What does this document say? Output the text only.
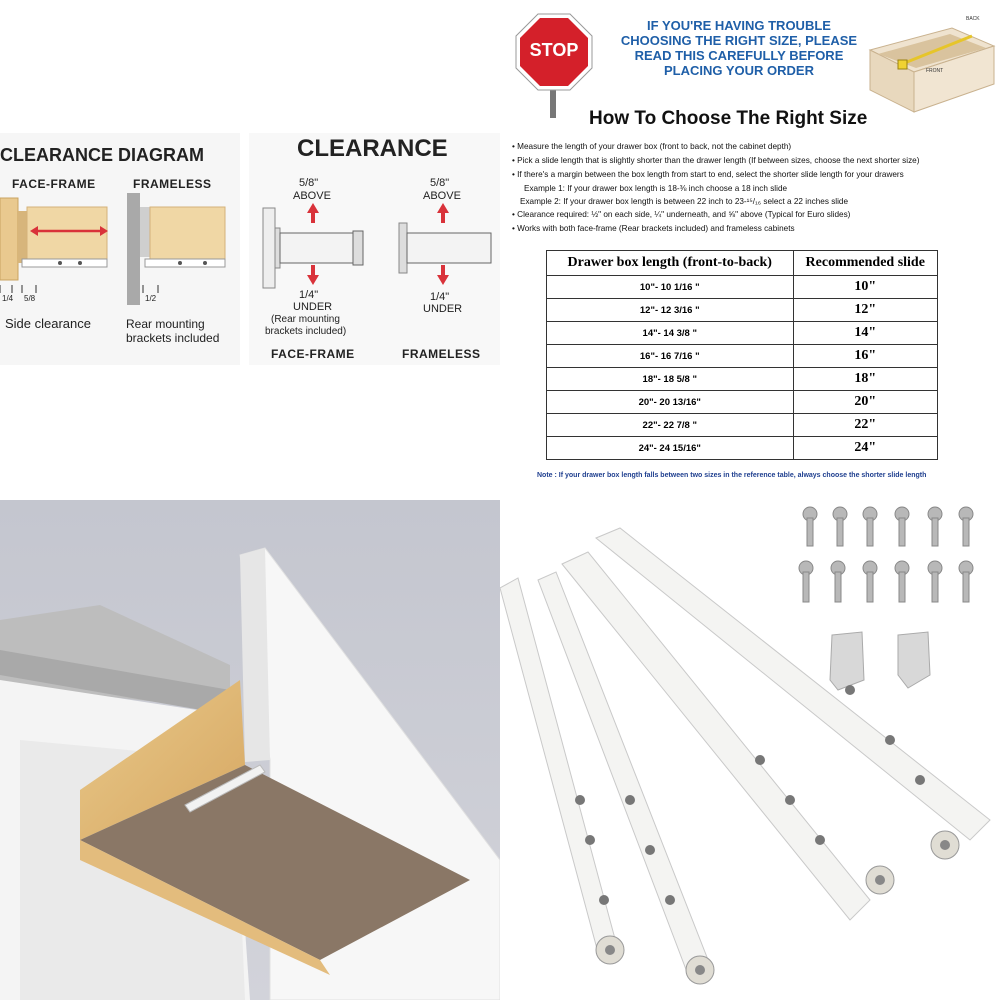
CLEARANCE DIAGRAM
FACE-FRAME	FRAMELESS
1/4 5/8	1/2
Side clearance	Rear mounting
brackets included
CLEARANCE
5/8"
ABOVE
1/4"
UNDER
(Rear mounting
brackets included)
FACE-FRAME
5/8"
ABOVE
1/4"
UNDER
FRAMELESS
STOP
IF YOU'RE HAVING TROUBLE
CHOOSING THE RIGHT SIZE, PLEASE
READ THIS CAREFULLY BEFORE
PLACING YOUR ORDER
BACK
FRONT
How To Choose The Right Size
• Measure the length of your drawer box (front to back, not the cabinet depth)
• Pick a slide length that is slightly shorter than the drawer length (If between sizes, choose the next shorter size)
• If there's a margin between the box length from start to end, select the shorter slide length for your drawers
Example 1: If your drawer box length is 18-⅜ inch choose a 18 inch slide
Example 2: If your drawer box length is between 22 inch to 23-¹⁵/₁₆ select a 22 inches slide
• Clearance required: ½" on each side, ¼" underneath, and ⅝" above (Typical for Euro slides)
• Works with both face-frame (Rear brackets included) and frameless cabinets
Drawer box length (front-to-back)	Recommended slide
10"- 10 1/16 "	10"
12"- 12 3/16 "	12"
14"- 14 3/8 "	14"
16"- 16 7/16 "	16"
18"- 18 5/8 "	18"
20"- 20 13/16"	20"
22"- 22 7/8 "	22"
24"- 24 15/16"	24"
Note : If your drawer box length falls between two sizes in the reference table, always choose the shorter slide length
